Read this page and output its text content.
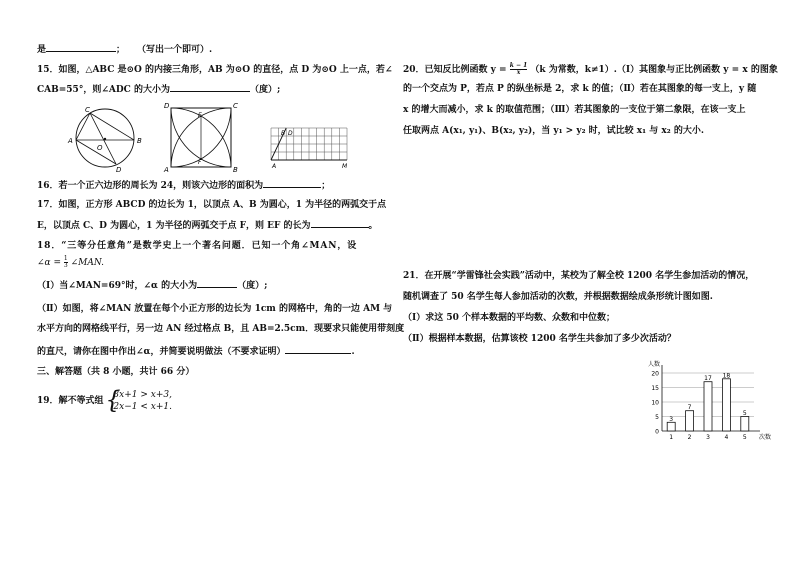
是	； （写出一个即可）.
15．如图，△ABC 是⊙O 的内接三角形，AB 为⊙O 的直径，点 D 为⊙O 上一点，若∠
CAB=55°，则∠ADC 的大小为	（度）;
C
A
O
B
D
D	C
A	B
E
F
B D
A	M
16．若一个正六边形的周长为 24，则该六边形的面积为	；
17．如图，正方形 ABCD 的边长为 1，以顶点 A、B 为圆心，1 为半径的两弧交于点
E，以顶点 C、D 为圆心，1 为半径的两弧交于点 F，则 EF 的长为	。
18．“三等分任意角”是数学史上一个著名问题．已知一个角∠MAN，设
∠α = $\frac{1}{3}$ ∠MAN.
（Ⅰ）当∠MAN=69°时，∠α 的大小为	（度）;
（Ⅱ）如图，将∠MAN 放置在每个小正方形的边长为 1cm 的网格中，角的一边 AM 与
水平方向的网格线平行，另一边 AN 经过格点 B，且 AB=2.5cm．现要求只能使用带刻度
的直尺，请你在图中作出∠α，并简要说明做法（不要求证明）	.
三、解答题（共 8 小题，共计 66 分）
19．解不等式组
{ 3x+1 > x+3,
2x−1 < x+1.
20．已知反比例函数 $y = \frac{k - 1}{x} (k$ 为常数，k≠1）.（Ⅰ）其图象与正比例函数 y = x 的图象
的一个交点为 P，若点 P 的纵坐标是 2，求 k 的值；（Ⅱ）若在其图象的每一支上，y 随
x 的增大而减小，求 k 的取值范围；（Ⅲ）若其图象的一支位于第二象限，在该一支上
任取两点 A(x₁, y₁)、B(x₂, y₂)，当 y₁ > y₂ 时，试比较 x₁ 与 x₂ 的大小.
21．在开展“学雷锋社会实践”活动中，某校为了解全校 1200 名学生参加活动的情况，
随机调查了 50 名学生每人参加活动的次数，并根据数据绘成条形统计图如图.
（Ⅰ）求这 50 个样本数据的平均数、众数和中位数；
（Ⅱ）根据样本数据，估算该校 1200 名学生共参加了多少次活动？
0
5
10
15
20
人数
次数
3
1
7
2
17
3
18
4
5
5
